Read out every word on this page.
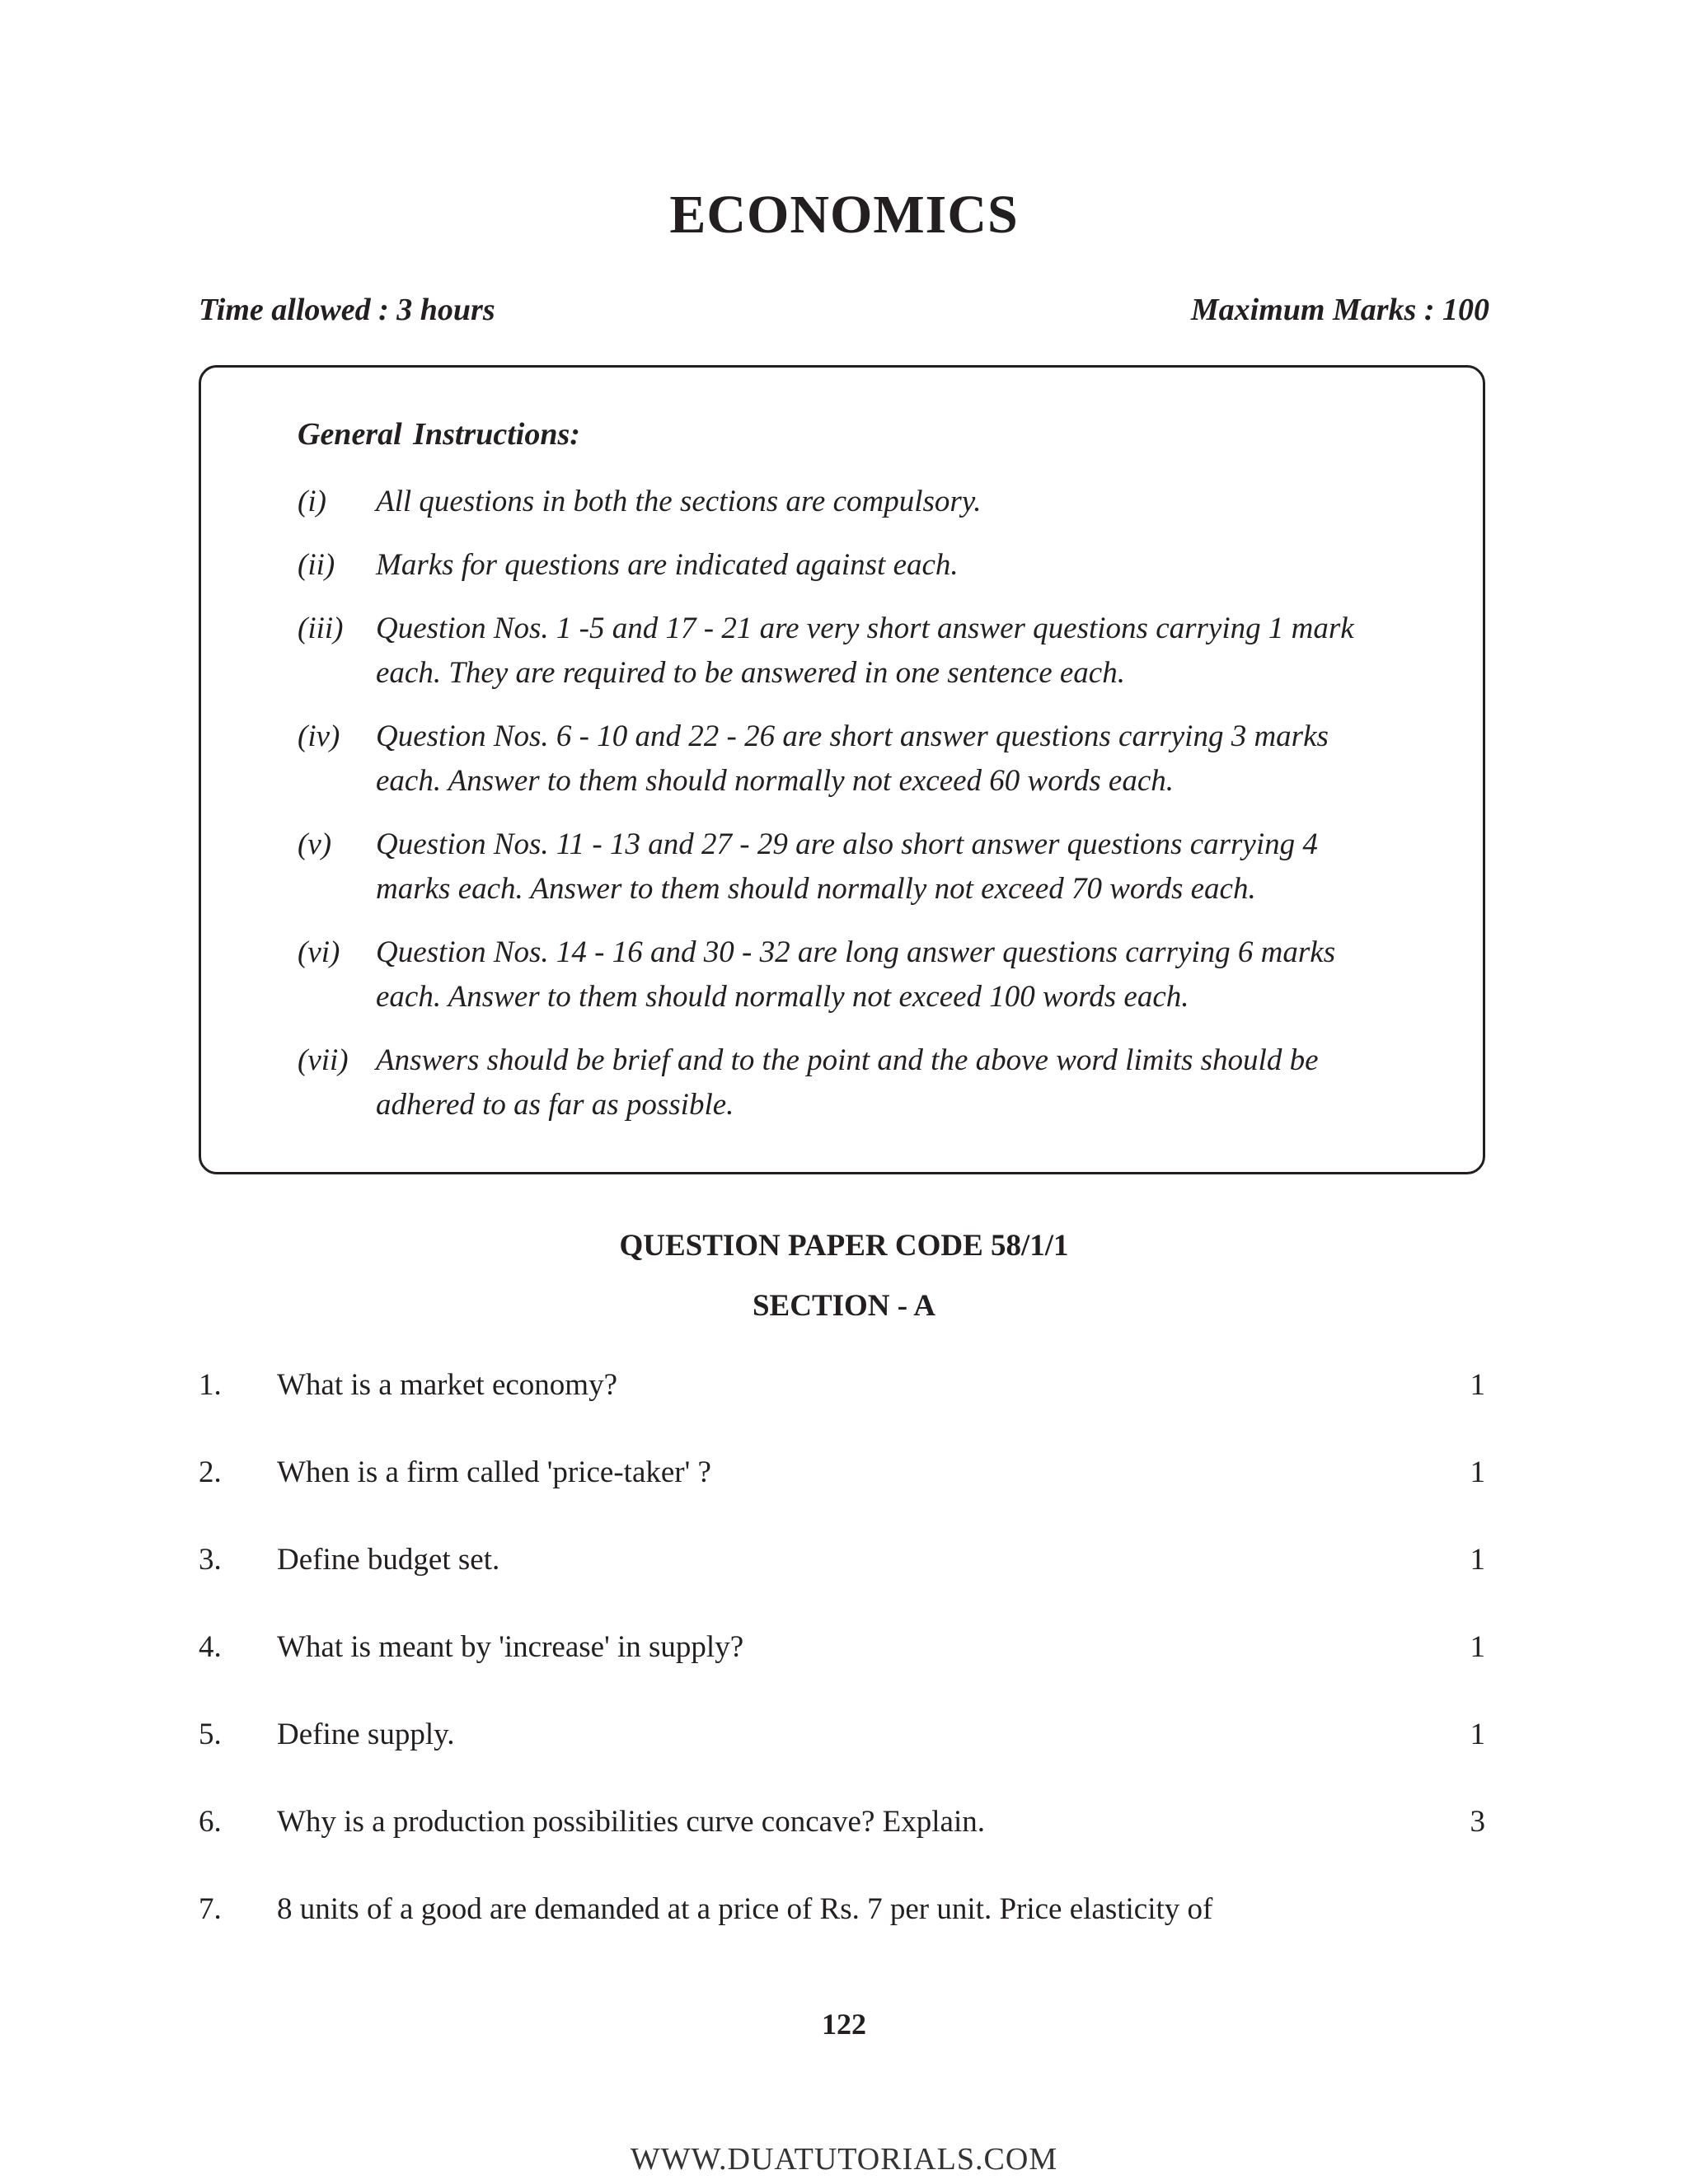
ECONOMICS
Time allowed : 3 hours	Maximum Marks : 100
General Instructions:
(i)	All questions in both the sections are compulsory.
(ii)	Marks for questions are indicated against each.
(iii)	Question Nos. 1 -5 and 17 - 21 are very short answer questions carrying 1 mark each. They are required to be answered in one sentence each.
(iv)	Question Nos. 6 - 10 and 22 - 26 are short answer questions carrying 3 marks each. Answer to them should normally not exceed 60 words each.
(v)	Question Nos. 11 - 13 and 27 - 29 are also short answer questions carrying 4 marks each. Answer to them should normally not exceed 70 words each.
(vi)	Question Nos. 14 - 16 and 30 - 32 are long answer questions carrying 6 marks each. Answer to them should normally not exceed 100 words each.
(vii) Answers should be brief and to the point and the above word limits should be adhered to as far as possible.
QUESTION PAPER CODE 58/1/1
SECTION - A
1. What is a market economy?	1
2. When is a firm called 'price-taker' ?	1
3. Define budget set.	1
4. What is meant by 'increase' in supply?	1
5. Define supply.	1
6. Why is a production possibilities curve concave? Explain.	3
7. 8 units of a good are demanded at a price of Rs. 7 per unit. Price elasticity of
122
WWW.DUATUTORIALS.COM
